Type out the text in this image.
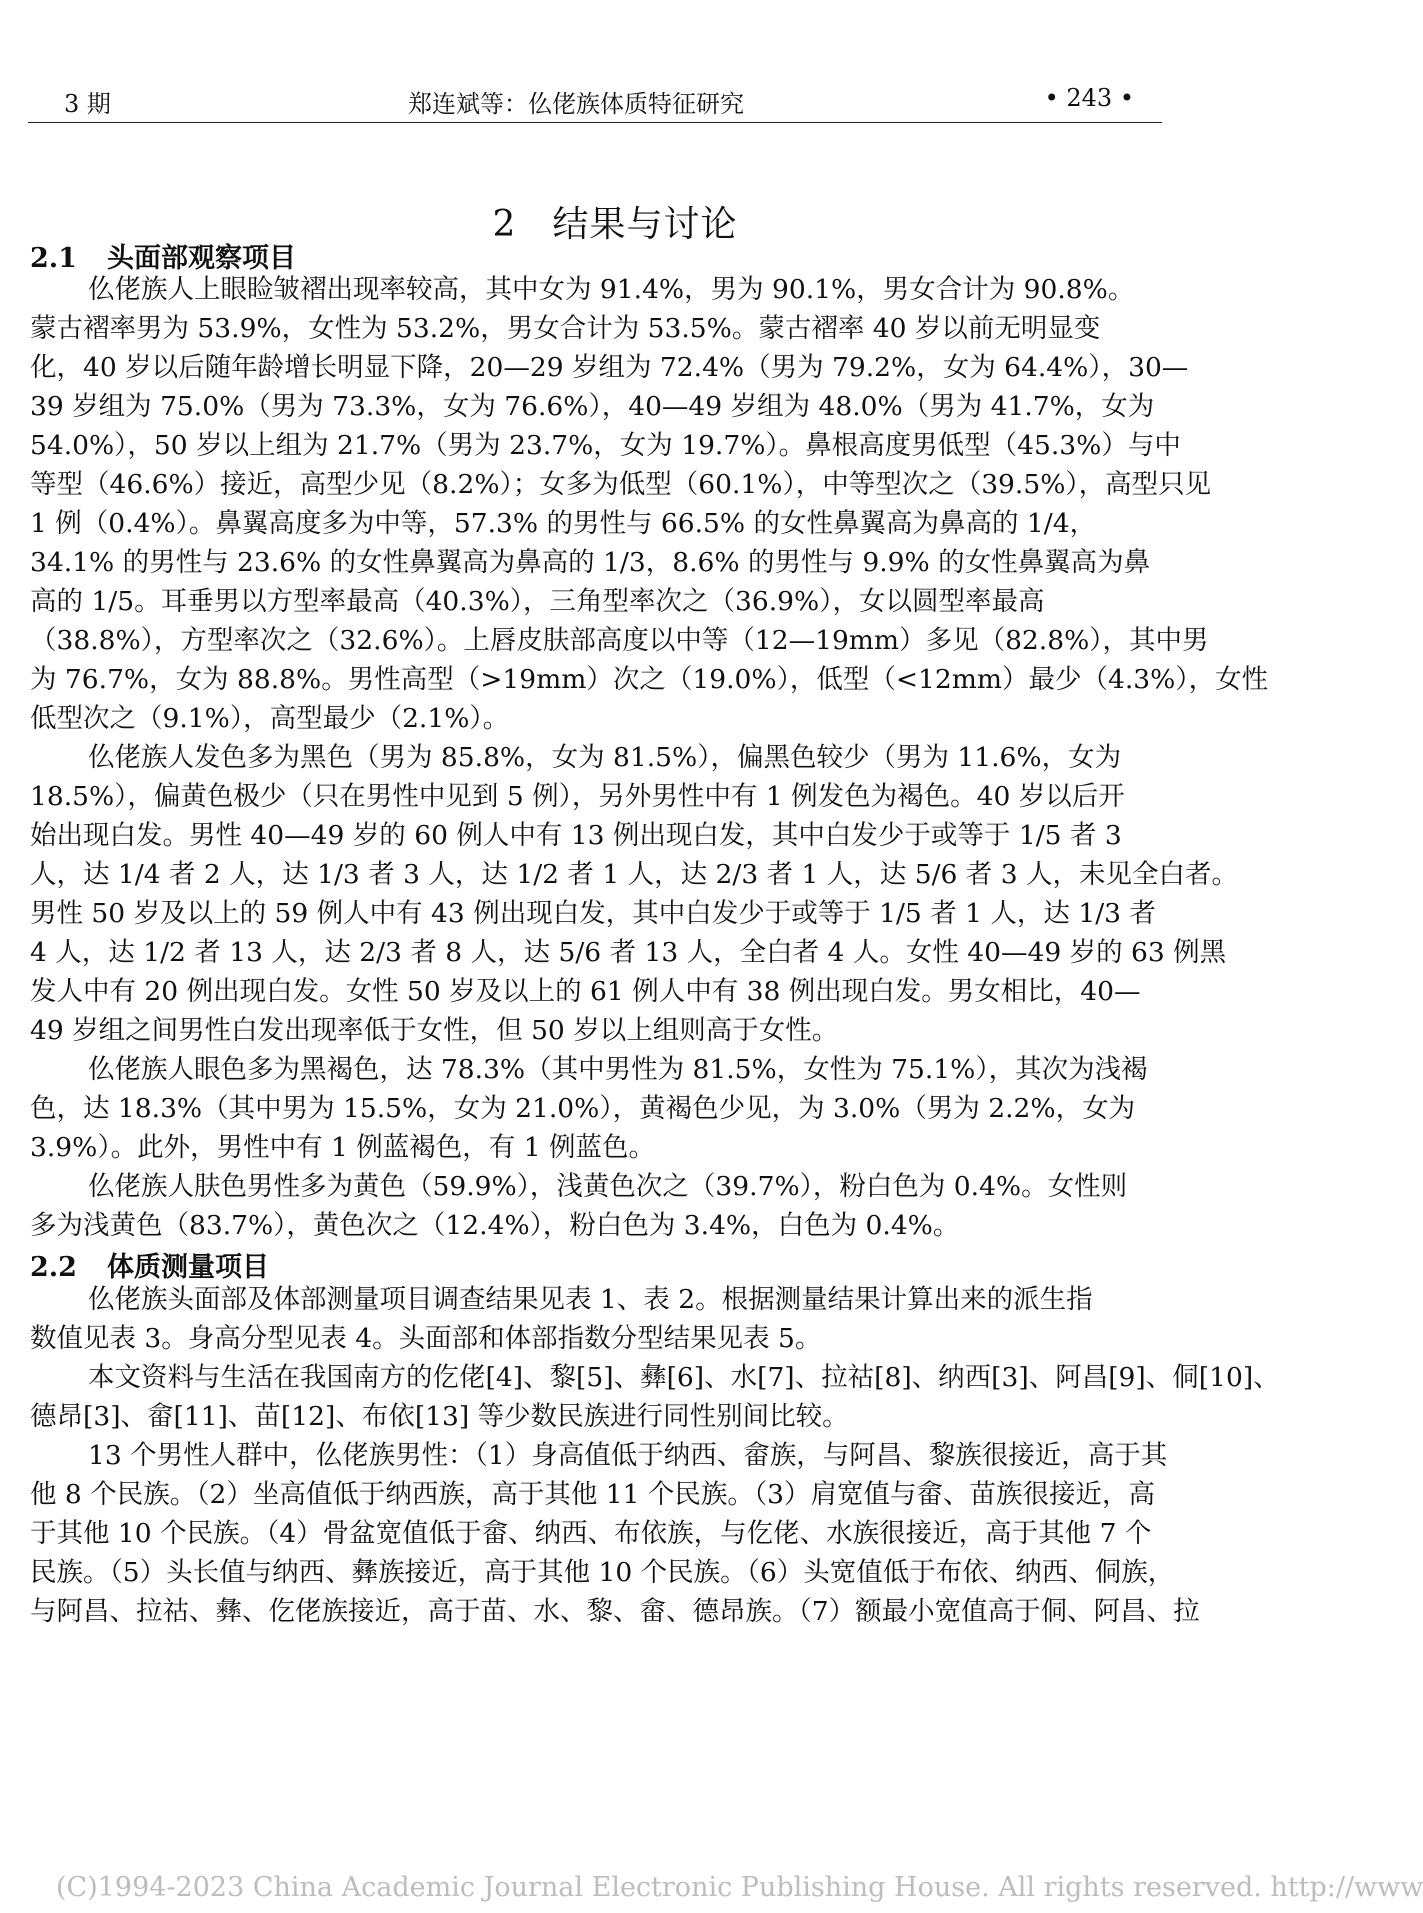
3 期	郑连斌等：仫佬族体质特征研究	• 243 •
2 结果与讨论
2.1 头面部观察项目
仫佬族人上眼睑皱褶出现率较高，其中女为 91.4%，男为 90.1%，男女合计为 90.8%。
蒙古褶率男为 53.9%，女性为 53.2%，男女合计为 53.5%。蒙古褶率 40 岁以前无明显变
化，40 岁以后随年龄增长明显下降，20—29 岁组为 72.4%（男为 79.2%，女为 64.4%），30—
39 岁组为 75.0%（男为 73.3%，女为 76.6%），40—49 岁组为 48.0%（男为 41.7%，女为
54.0%），50 岁以上组为 21.7%（男为 23.7%，女为 19.7%）。鼻根高度男低型（45.3%）与中
等型（46.6%）接近，高型少见（8.2%）；女多为低型（60.1%），中等型次之（39.5%），高型只见
1 例（0.4%）。鼻翼高度多为中等，57.3% 的男性与 66.5% 的女性鼻翼高为鼻高的 1/4，
34.1% 的男性与 23.6% 的女性鼻翼高为鼻高的 1/3，8.6% 的男性与 9.9% 的女性鼻翼高为鼻
高的 1/5。耳垂男以方型率最高（40.3%），三角型率次之（36.9%），女以圆型率最高
（38.8%），方型率次之（32.6%）。上唇皮肤部高度以中等（12—19mm）多见（82.8%），其中男
为 76.7%，女为 88.8%。男性高型（>19mm）次之（19.0%），低型（<12mm）最少（4.3%），女性
低型次之（9.1%），高型最少（2.1%）。
仫佬族人发色多为黑色（男为 85.8%，女为 81.5%），偏黑色较少（男为 11.6%，女为
18.5%），偏黄色极少（只在男性中见到 5 例），另外男性中有 1 例发色为褐色。40 岁以后开
始出现白发。男性 40—49 岁的 60 例人中有 13 例出现白发，其中白发少于或等于 1/5 者 3
人，达 1/4 者 2 人，达 1/3 者 3 人，达 1/2 者 1 人，达 2/3 者 1 人，达 5/6 者 3 人，未见全白者。
男性 50 岁及以上的 59 例人中有 43 例出现白发，其中白发少于或等于 1/5 者 1 人，达 1/3 者
4 人，达 1/2 者 13 人，达 2/3 者 8 人，达 5/6 者 13 人，全白者 4 人。女性 40—49 岁的 63 例黑
发人中有 20 例出现白发。女性 50 岁及以上的 61 例人中有 38 例出现白发。男女相比，40—
49 岁组之间男性白发出现率低于女性，但 50 岁以上组则高于女性。
仫佬族人眼色多为黑褐色，达 78.3%（其中男性为 81.5%，女性为 75.1%），其次为浅褐
色，达 18.3%（其中男为 15.5%，女为 21.0%），黄褐色少见，为 3.0%（男为 2.2%，女为
3.9%）。此外，男性中有 1 例蓝褐色，有 1 例蓝色。
仫佬族人肤色男性多为黄色（59.9%），浅黄色次之（39.7%），粉白色为 0.4%。女性则
多为浅黄色（83.7%），黄色次之（12.4%），粉白色为 3.4%，白色为 0.4%。
2.2 体质测量项目
仫佬族头面部及体部测量项目调查结果见表 1、表 2。根据测量结果计算出来的派生指
数值见表 3。身高分型见表 4。头面部和体部指数分型结果见表 5。
本文资料与生活在我国南方的仡佬[4]、黎[5]、彝[6]、水[7]、拉祜[8]、纳西[3]、阿昌[9]、侗[10]、
德昂[3]、畲[11]、苗[12]、布依[13] 等少数民族进行同性别间比较。
13 个男性人群中，仫佬族男性：（1）身高值低于纳西、畲族，与阿昌、黎族很接近，高于其
他 8 个民族。（2）坐高值低于纳西族，高于其他 11 个民族。（3）肩宽值与畲、苗族很接近，高
于其他 10 个民族。（4）骨盆宽值低于畲、纳西、布依族，与仡佬、水族很接近，高于其他 7 个
民族。（5）头长值与纳西、彝族接近，高于其他 10 个民族。（6）头宽值低于布依、纳西、侗族，
与阿昌、拉祜、彝、仡佬族接近，高于苗、水、黎、畲、德昂族。（7）额最小宽值高于侗、阿昌、拉
(C)1994-2023 China Academic Journal Electronic Publishing House. All rights reserved. http://www
